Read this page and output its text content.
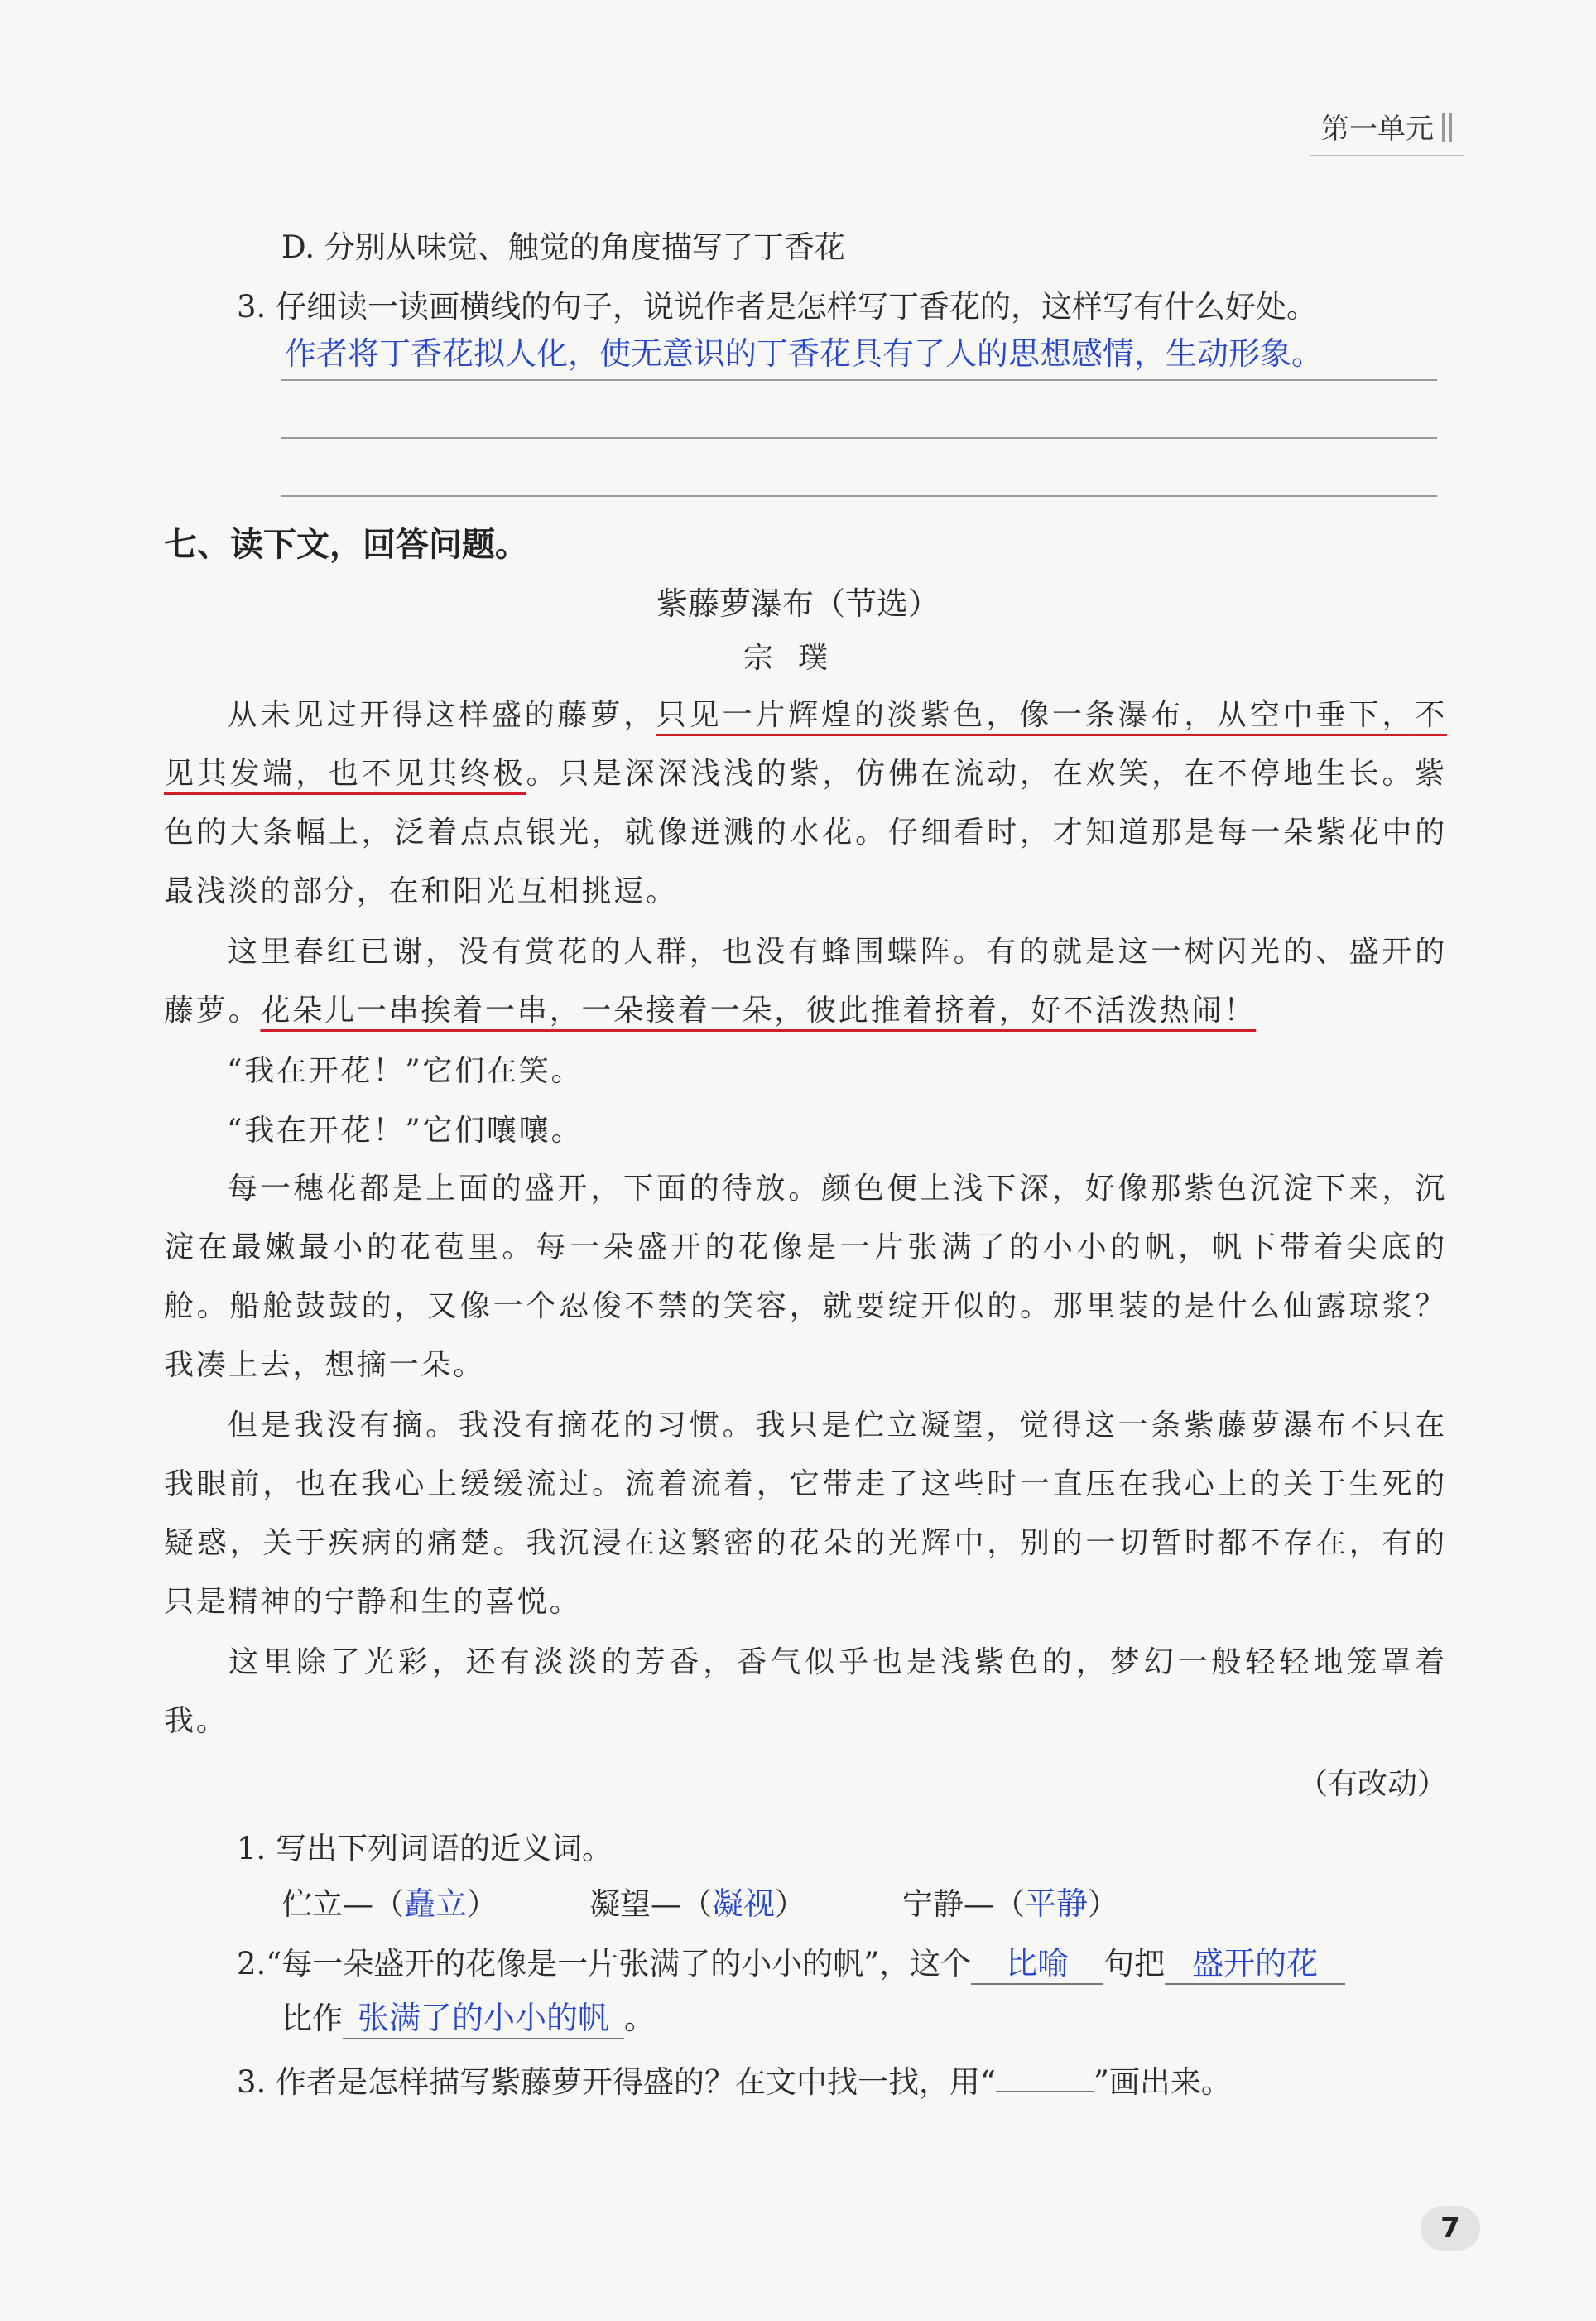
第一单元
D. 分别从味觉、触觉的角度描写了丁香花
3. 仔细读一读画横线的句子，说说作者是怎样写丁香花的，这样写有什么好处。
作者将丁香花拟人化，使无意识的丁香花具有了人的思想感情，生动形象。
七、读下文，回答问题。
紫藤萝瀑布（节选）
宗璞
从未见过开得这样盛的藤萝，只见一片辉煌的淡紫色，像一条瀑布，从空中垂下，不见其发端，也不见其终极。只是深深浅浅的紫，仿佛在流动，在欢笑，在不停地生长。紫色的大条幅上，泛着点点银光，就像迸溅的水花。仔细看时，才知道那是每一朵紫花中的最浅淡的部分，在和阳光互相挑逗。
这里春红已谢，没有赏花的人群，也没有蜂围蝶阵。有的就是这一树闪光的、盛开的藤萝。花朵儿一串挨着一串，一朵接着一朵，彼此推着挤着，好不活泼热闹！
“我在开花！”它们在笑。
“我在开花！”它们嚷嚷。
每一穗花都是上面的盛开，下面的待放。颜色便上浅下深，好像那紫色沉淀下来，沉淀在最嫩最小的花苞里。每一朵盛开的花像是一片张满了的小小的帆，帆下带着尖底的舱。船舱鼓鼓的，又像一个忍俊不禁的笑容，就要绽开似的。那里装的是什么仙露琼浆？我凑上去，想摘一朵。
但是我没有摘。我没有摘花的习惯。我只是伫立凝望，觉得这一条紫藤萝瀑布不只在我眼前，也在我心上缓缓流过。流着流着，它带走了这些时一直压在我心上的关于生死的疑惑，关于疾病的痛楚。我沉浸在这繁密的花朵的光辉中，别的一切暂时都不存在，有的只是精神的宁静和生的喜悦。
这里除了光彩，还有淡淡的芳香，香气似乎也是浅紫色的，梦幻一般轻轻地笼罩着我。
（有改动）
1. 写出下列词语的近义词。
伫立—（矗立）	凝望—（凝视）	宁静—（平静）
2.“每一朵盛开的花像是一片张满了的小小的帆”，这个 比喻 句把 盛开的花
比作 张满了的小小的帆 。
3. 作者是怎样描写紫藤萝开得盛的？在文中找一找，用“	”画出来。
7
